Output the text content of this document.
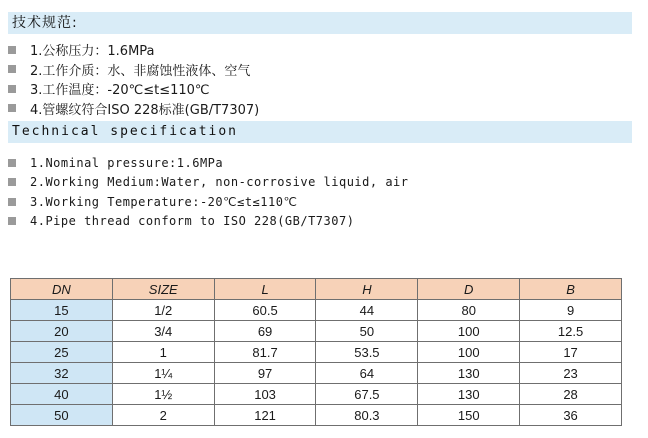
技术规范:
1.公称压力：1.6MPa
2.工作介质：水、非腐蚀性液体、空气
3.工作温度：-20℃≤t≤110℃
4.管螺纹符合ISO 228标准(GB/T7307)
Technical specification
1.Nominal pressure:1.6MPa
2.Working Medium:Water, non-corrosive liquid, air
3.Working Temperature:-20℃≤t≤110℃
4.Pipe thread conform to ISO 228(GB/T7307)
DN	SIZE	L	H	D	B
15	1/2	60.5	44	80	9
20	3/4	69	50	100	12.5
25	1	81.7	53.5	100	17
32	1¼	97	64	130	23
40	1½	103	67.5	130	28
50	2	121	80.3	150	36
